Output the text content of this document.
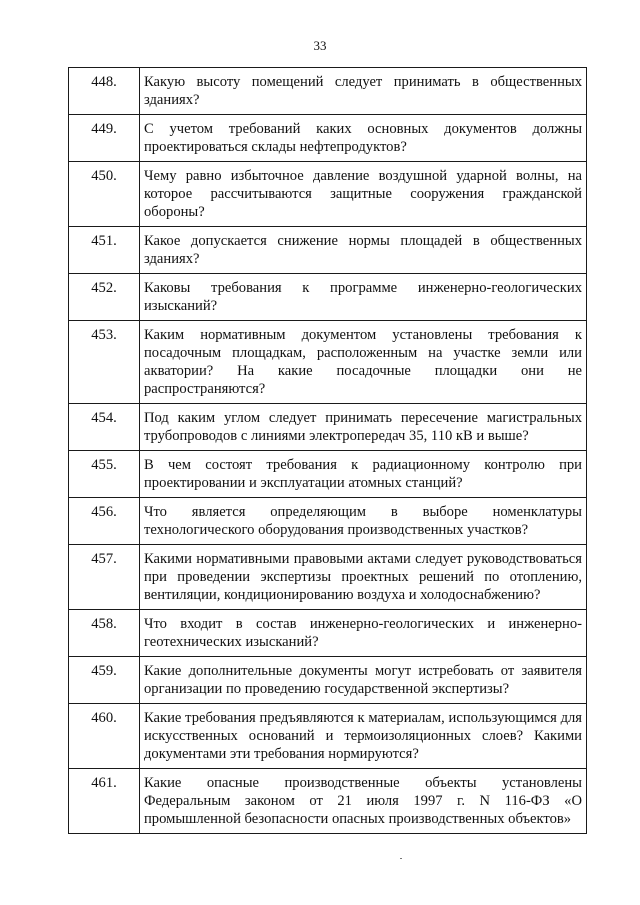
33
448.	Какую высоту помещений следует принимать в общественных зданиях?
449.	С учетом требований каких основных документов должны проектироваться склады нефтепродуктов?
450.	Чему равно избыточное давление воздушной ударной волны, на которое рассчитываются защитные сооружения гражданской обороны?
451.	Какое допускается снижение нормы площадей в общественных зданиях?
452.	Каковы требования к программе инженерно-геологических изысканий?
453.	Каким нормативным документом установлены требования к посадочным площадкам, расположенным на участке земли или акватории? На какие посадочные площадки они не распространяются?
454.	Под каким углом следует принимать пересечение магистральных трубопроводов с линиями электропередач 35, 110 кВ и выше?
455.	В чем состоят требования к радиационному контролю при проектировании и эксплуатации атомных станций?
456.	Что является определяющим в выборе номенклатуры технологического оборудования производственных участков?
457.	Какими нормативными правовыми актами следует руководствоваться при проведении экспертизы проектных решений по отоплению, вентиляции, кондиционированию воздуха и холодоснабжению?
458.	Что входит в состав инженерно-геологических и инженерно-геотехнических изысканий?
459.	Какие дополнительные документы могут истребовать от заявителя организации по проведению государственной экспертизы?
460.	Какие требования предъявляются к материалам, использующимся для искусственных оснований и термоизоляционных слоев? Какими документами эти требования нормируются?
461.	Какие опасные производственные объекты установлены Федеральным законом от 21 июля 1997 г. N 116-ФЗ «О промышленной безопасности опасных производственных объектов»
